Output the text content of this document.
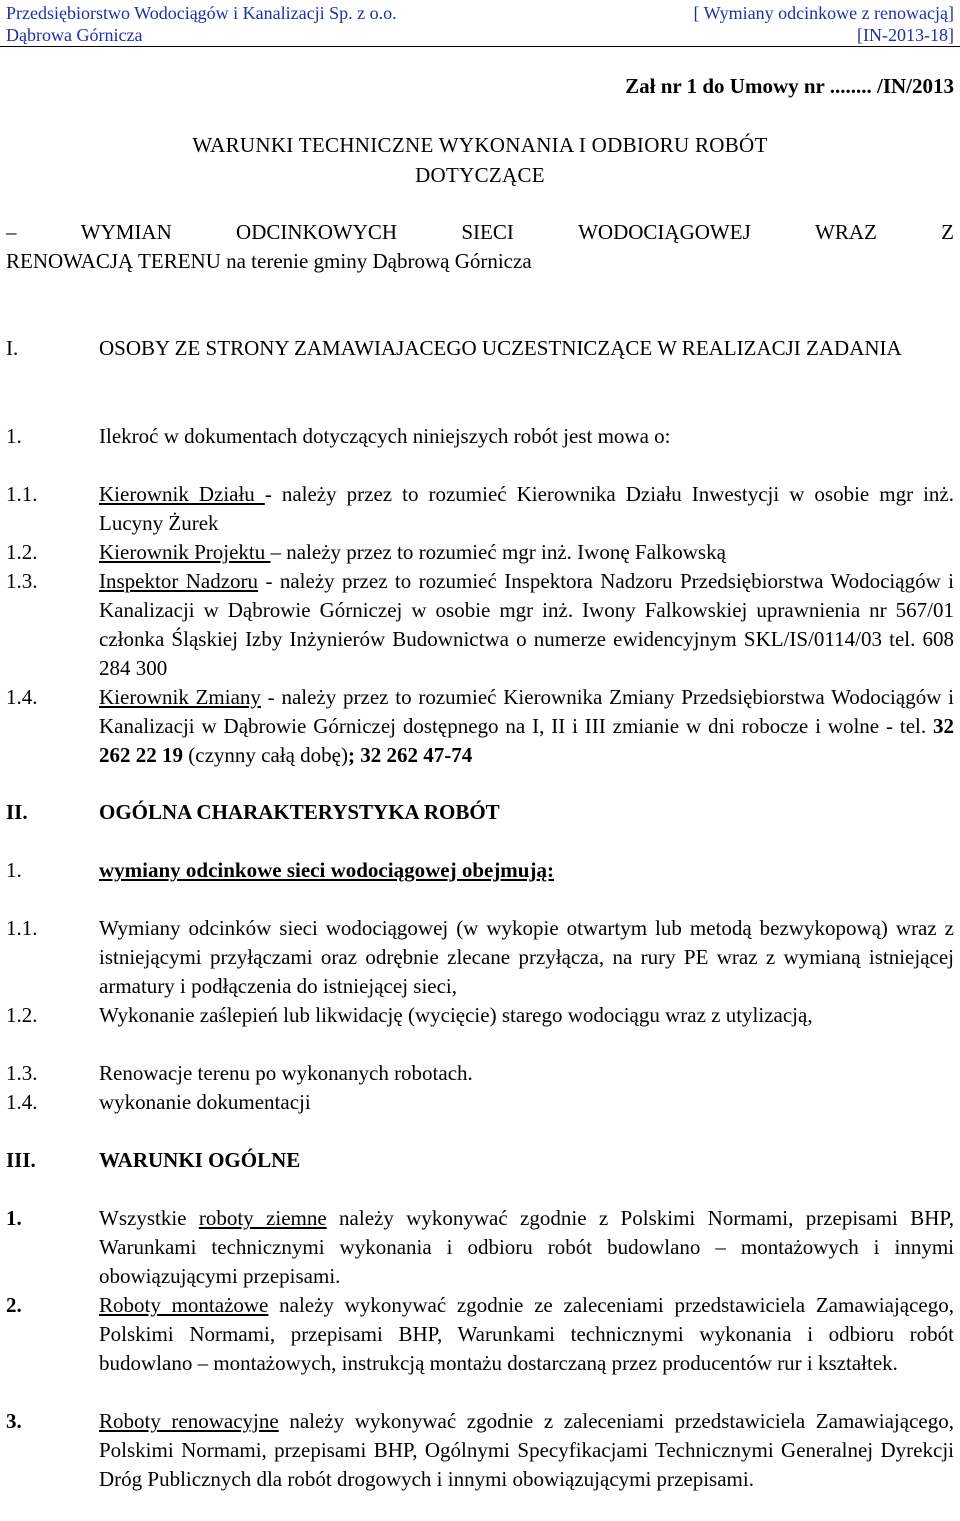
Przedsiębiorstwo Wodociągów i Kanalizacji Sp. z o.o.	[ Wymiany odcinkowe z renowacją]
Dąbrowa Górnicza	[IN-2013-18]
Zał nr 1 do Umowy nr ........ /IN/2013
WARUNKI TECHNICZNE WYKONANIA I ODBIORU ROBÓT
DOTYCZĄCE
–	WYMIAN	ODCINKOWYCH	SIECI	WODOCIĄGOWEJ	WRAZ	Z
RENOWACJĄ TERENU na terenie gminy Dąbrową Górnicza
I.	OSOBY ZE STRONY ZAMAWIAJACEGO UCZESTNICZĄCE W REALIZACJI ZADANIA
1.	Ilekroć w dokumentach dotyczących niniejszych robót jest mowa o:
1.1.	Kierownik Działu - należy przez to rozumieć Kierownika Działu Inwestycji w osobie mgr inż. Lucyny Żurek
1.2.	Kierownik Projektu – należy przez to rozumieć mgr inż. Iwonę Falkowską
1.3.	Inspektor Nadzoru - należy przez to rozumieć Inspektora Nadzoru Przedsiębiorstwa Wodociągów i Kanalizacji w Dąbrowie Górniczej w osobie mgr inż. Iwony Falkowskiej uprawnienia nr 567/01 członka Śląskiej Izby Inżynierów Budownictwa o numerze ewidencyjnym SKL/IS/0114/03 tel. 608 284 300
1.4.	Kierownik Zmiany - należy przez to rozumieć Kierownika Zmiany Przedsiębiorstwa Wodociągów i Kanalizacji w Dąbrowie Górniczej dostępnego na I, II i III zmianie w dni robocze i wolne - tel. 32 262 22 19 (czynny całą dobę); 32 262 47-74
II.	OGÓLNA CHARAKTERYSTYKA ROBÓT
1.	wymiany odcinkowe sieci wodociągowej obejmują:
1.1.	Wymiany odcinków sieci wodociągowej (w wykopie otwartym lub metodą bezwykopową) wraz z istniejącymi przyłączami oraz odrębnie zlecane przyłącza, na rury PE wraz z wymianą istniejącej armatury i podłączenia do istniejącej sieci,
1.2.	Wykonanie zaślepień lub likwidację (wycięcie) starego wodociągu wraz z utylizacją,
1.3.	Renowacje terenu po wykonanych robotach.
1.4.	wykonanie dokumentacji
III.	WARUNKI OGÓLNE
1.	Wszystkie roboty ziemne należy wykonywać zgodnie z Polskimi Normami, przepisami BHP, Warunkami technicznymi wykonania i odbioru robót budowlano – montażowych i innymi obowiązującymi przepisami.
2.	Roboty montażowe należy wykonywać zgodnie ze zaleceniami przedstawiciela Zamawiającego, Polskimi Normami, przepisami BHP, Warunkami technicznymi wykonania i odbioru robót budowlano – montażowych, instrukcją montażu dostarczaną przez producentów rur i kształtek.
3.	Roboty renowacyjne należy wykonywać zgodnie z zaleceniami przedstawiciela Zamawiającego, Polskimi Normami, przepisami BHP, Ogólnymi Specyfikacjami Technicznymi Generalnej Dyrekcji Dróg Publicznych dla robót drogowych i innymi obowiązującymi przepisami.
